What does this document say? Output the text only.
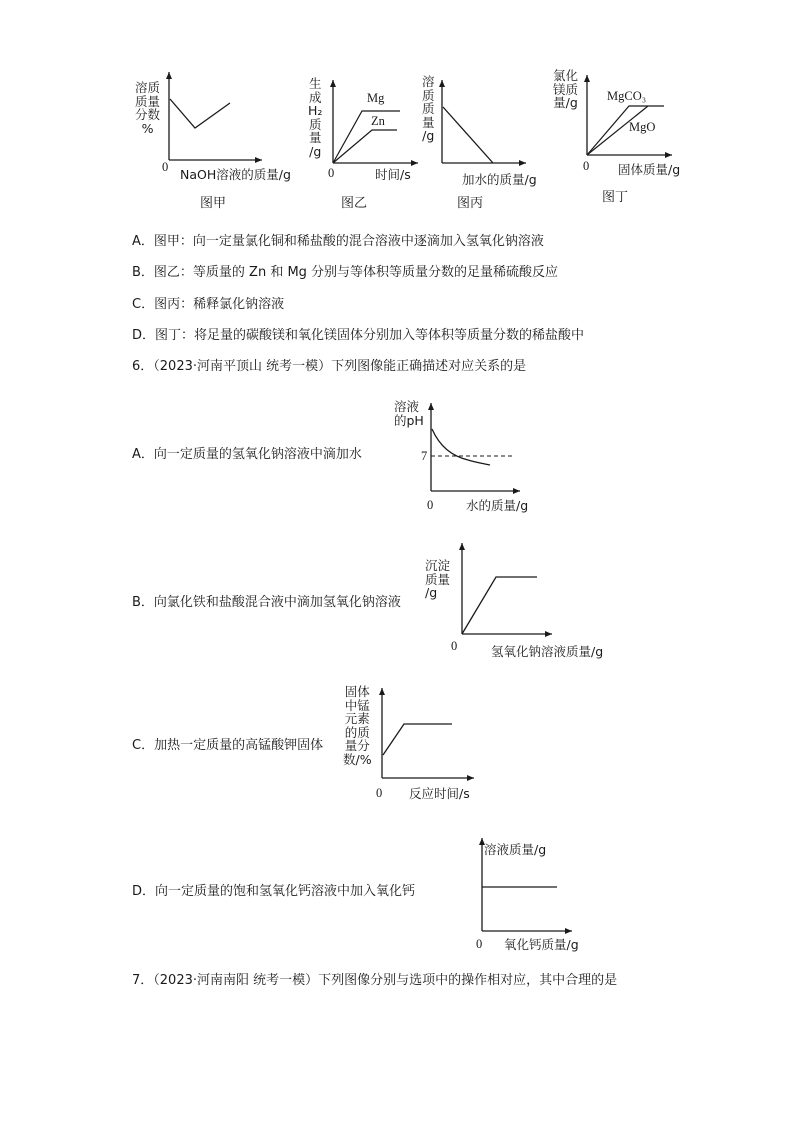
溶质
质量
分数
%
0 NaOH溶液的质量/g
图甲
生
成
H₂
质
量
/g
Mg
Zn
0	时间/s
图乙
溶
质
质
量
/g
加水的质量/g
图丙
氯化
镁质
量/g MgCO₃
MgO
0 固体质量/g
图丁
A．图甲：向一定量氯化铜和稀盐酸的混合溶液中逐滴加入氢氧化钠溶液
B．图乙：等质量的 Zn 和 Mg 分别与等体积等质量分数的足量稀硫酸反应
C．图丙：稀释氯化钠溶液
D．图丁：将足量的碳酸镁和氧化镁固体分别加入等体积等质量分数的稀盐酸中
6．（2023·河南平顶山 统考一模）下列图像能正确描述对应关系的是
A．向一定质量的氢氧化钠溶液中滴加水
溶液
的pH
7
0	水的质量/g
B．向氯化铁和盐酸混合液中滴加氢氧化钠溶液
沉淀
质量
/g
0	氢氧化钠溶液质量/g
C．加热一定质量的高锰酸钾固体
固体
中锰
元素
的质
量分
数/%
0 反应时间/s
D．向一定质量的饱和氢氧化钙溶液中加入氧化钙
溶液质量/g
0 氧化钙质量/g
7．（2023·河南南阳 统考一模）下列图像分别与选项中的操作相对应，其中合理的是
